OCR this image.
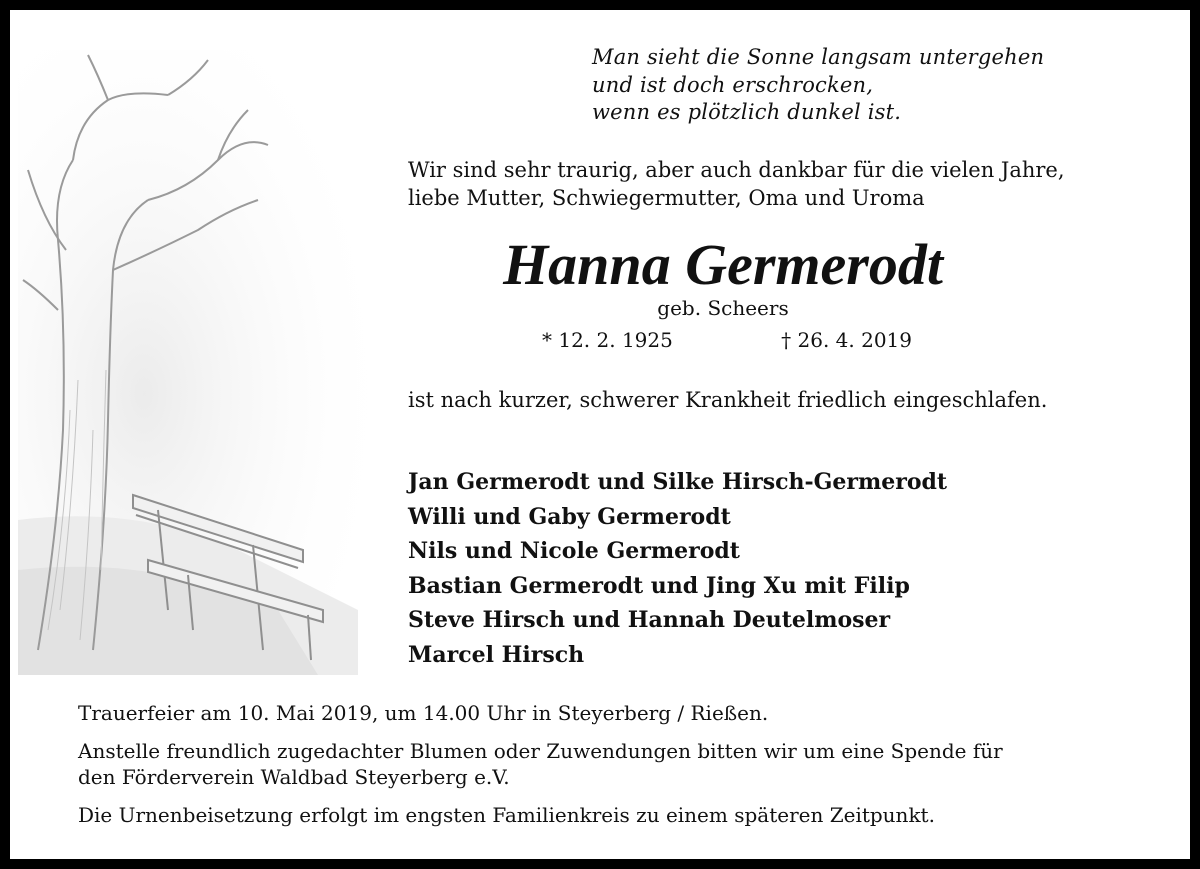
Man sieht die Sonne langsam untergehen
und ist doch erschrocken,
wenn es plötzlich dunkel ist.
Wir sind sehr traurig, aber auch dankbar für die vielen Jahre,
liebe Mutter, Schwiegermutter, Oma und Uroma
Hanna Germerodt
geb. Scheers
* 12. 2. 1925	† 26. 4. 2019
ist nach kurzer, schwerer Krankheit friedlich eingeschlafen.
Jan Germerodt und Silke Hirsch-Germerodt
Willi und Gaby Germerodt
Nils und Nicole Germerodt
Bastian Germerodt und Jing Xu mit Filip
Steve Hirsch und Hannah Deutelmoser
Marcel Hirsch

Trauerfeier am 10. Mai 2019, um 14.00 Uhr in Steyerberg / Rießen.

Anstelle freundlich zugedachter Blumen oder Zuwendungen bitten wir um eine Spende für
den Förderverein Waldbad Steyerberg e.V.

Die Urnenbeisetzung erfolgt im engsten Familienkreis zu einem späteren Zeitpunkt.
